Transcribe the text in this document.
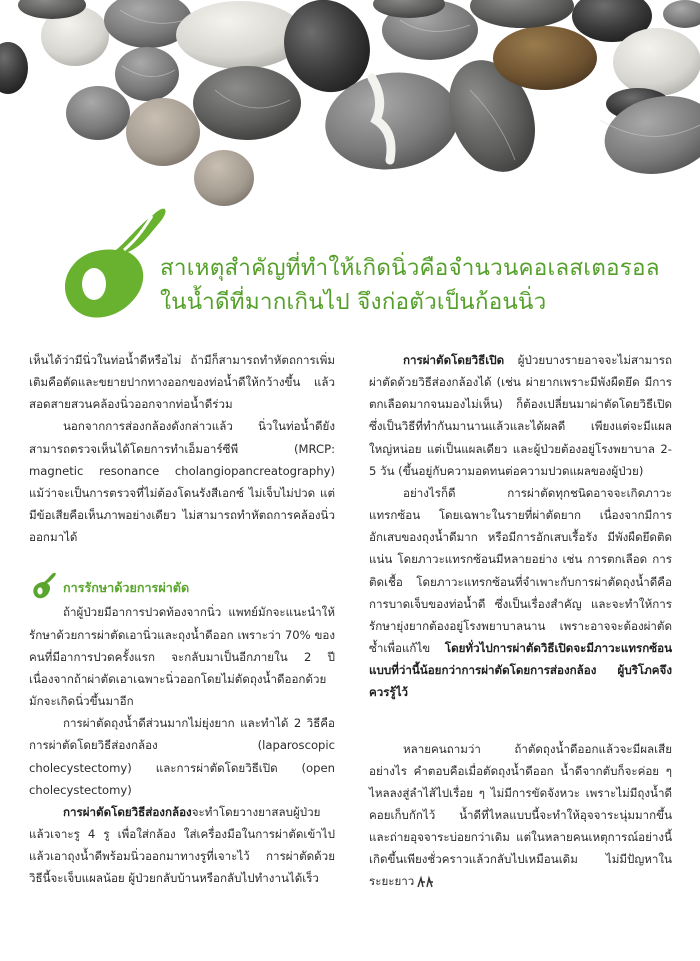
สาเหตุสำคัญที่ทำให้เกิดนิ่วคือจำนวนคอเลสเตอรอล
ในน้ำดีที่มากเกินไป จึงก่อตัวเป็นก้อนนิ่ว

เห็นได้ว่ามีนิ่วในท่อน้ำดีหรือไม่ ถ้ามีก็สามารถทำหัตถการเพิ่มเติมคือตัดและขยายปากทางออกของท่อน้ำดีให้กว้างขึ้น แล้วสอดสายสวนคล้องนิ่วออกจากท่อน้ำดีร่วม

นอกจากการส่องกล้องดังกล่าวแล้ว นิ่วในท่อน้ำดียังสามารถตรวจเห็นได้โดยการทำเอ็มอาร์ซีพี (MRCP: magnetic resonance cholangiopancreatography) แม้ว่าจะเป็นการตรวจที่ไม่ต้องโดนรังสีเอกซ์ ไม่เจ็บไม่ปวด แต่มีข้อเสียคือเห็นภาพอย่างเดียว ไม่สามารถทำหัตถการคล้องนิ่วออกมาได้

การรักษาด้วยการผ่าตัด

ถ้าผู้ป่วยมีอาการปวดท้องจากนิ่ว แพทย์มักจะแนะนำให้รักษาด้วยการผ่าตัดเอานิ่วและถุงน้ำดีออก เพราะว่า 70% ของคนที่มีอาการปวดครั้งแรก จะกลับมาเป็นอีกภายใน 2 ปี เนื่องจากถ้าผ่าตัดเอาเฉพาะนิ่วออกโดยไม่ตัดถุงน้ำดีออกด้วย มักจะเกิดนิ่วขึ้นมาอีก

การผ่าตัดถุงน้ำดีส่วนมากไม่ยุ่งยาก และทำได้ 2 วิธีคือ การผ่าตัดโดยวิธีส่องกล้อง (laparoscopic cholecystectomy) และการผ่าตัดโดยวิธีเปิด (open cholecystectomy)

การผ่าตัดโดยวิธีส่องกล้องจะทำโดยวางยาสลบผู้ป่วย แล้วเจาะรู 4 รู เพื่อใส่กล้อง ใส่เครื่องมือในการผ่าตัดเข้าไป แล้วเอาถุงน้ำดีพร้อมนิ่วออกมาทางรูที่เจาะไว้ การผ่าตัดด้วยวิธีนี้จะเจ็บแผลน้อย ผู้ป่วยกลับบ้านหรือกลับไปทำงานได้เร็ว

การผ่าตัดโดยวิธีเปิด ผู้ป่วยบางรายอาจจะไม่สามารถผ่าตัดด้วยวิธีส่องกล้องได้ (เช่น ผ่ายากเพราะมีพังผืดยึด มีการตกเลือดมากจนมองไม่เห็น) ก็ต้องเปลี่ยนมาผ่าตัดโดยวิธีเปิด ซึ่งเป็นวิธีที่ทำกันมานานแล้วและได้ผลดี เพียงแต่จะมีแผลใหญ่หน่อย แต่เป็นแผลเดียว และผู้ป่วยต้องอยู่โรงพยาบาล 2-5 วัน (ขึ้นอยู่กับความอดทนต่อความปวดแผลของผู้ป่วย)

อย่างไรก็ดี การผ่าตัดทุกชนิดอาจจะเกิดภาวะแทรกซ้อน โดยเฉพาะในรายที่ผ่าตัดยาก เนื่องจากมีการอักเสบของถุงน้ำดีมาก หรือมีการอักเสบเรื้อรัง มีพังผืดยึดติดแน่น โดยภาวะแทรกซ้อนมีหลายอย่าง เช่น การตกเลือด การติดเชื้อ โดยภาวะแทรกซ้อนที่จำเพาะกับการผ่าตัดถุงน้ำดีคือการบาดเจ็บของท่อน้ำดี ซึ่งเป็นเรื่องสำคัญ และจะทำให้การรักษายุ่งยากต้องอยู่โรงพยาบาลนาน เพราะอาจจะต้องผ่าตัดซ้ำเพื่อแก้ไข โดยทั่วไปการผ่าตัดวิธีเปิดจะมีภาวะแทรกซ้อนแบบที่ว่านี้น้อยกว่าการผ่าตัดโดยการส่องกล้อง ผู้บริโภคจึงควรรู้ไว้

หลายคนถามว่า ถ้าตัดถุงน้ำดีออกแล้วจะมีผลเสียอย่างไร คำตอบคือเมื่อตัดถุงน้ำดีออก น้ำดีจากตับก็จะค่อย ๆ ไหลลงสู่ลำไส้ไปเรื่อย ๆ ไม่มีการขัดจังหวะ เพราะไม่มีถุงน้ำดีคอยเก็บกักไว้ น้ำดีที่ไหลแบบนี้จะทำให้อุจจาระนุ่มมากขึ้น และถ่ายอุจจาระบ่อยกว่าเดิม แต่ในหลายคนเหตุการณ์อย่างนี้เกิดขึ้นเพียงชั่วคราวแล้วกลับไปเหมือนเดิม ไม่มีปัญหาในระยะยาว
